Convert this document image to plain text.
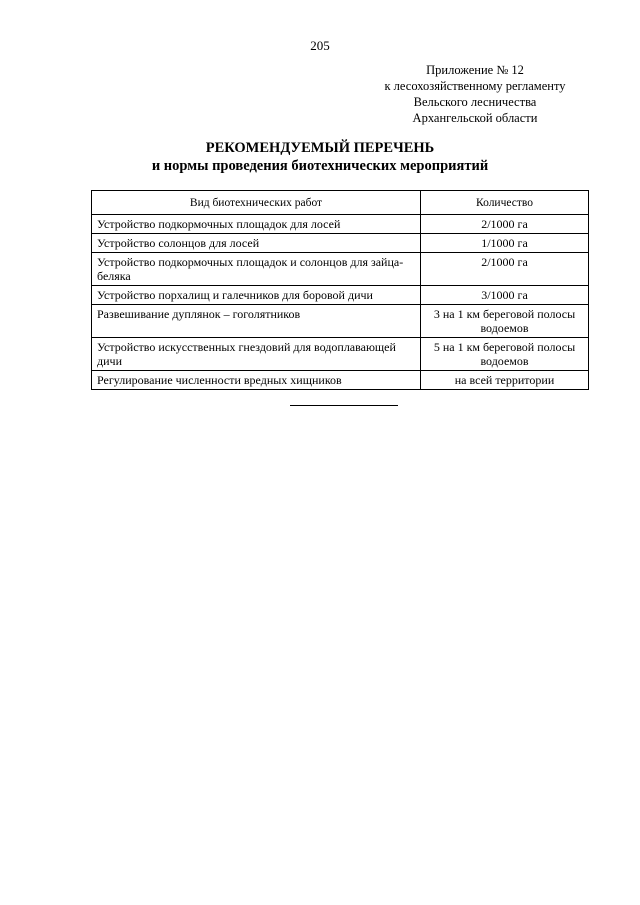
205
Приложение № 12
к лесохозяйственному регламенту
Вельского лесничества
Архангельской области
РЕКОМЕНДУЕМЫЙ ПЕРЕЧЕНЬ
и нормы проведения биотехнических мероприятий
Вид биотехнических работ	Количество
Устройство подкормочных площадок для лосей	2/1000 га
Устройство солонцов для лосей	1/1000 га
Устройство подкормочных площадок и солонцов для зайца-беляка	2/1000 га
Устройство порхалищ и галечников для боровой дичи	3/1000 га
Развешивание дуплянок – гоголятников	3 на 1 км береговой полосы водоемов
Устройство искусственных гнездовий для водоплавающей дичи	5 на 1 км береговой полосы водоемов
Регулирование численности вредных хищников	на всей территории
